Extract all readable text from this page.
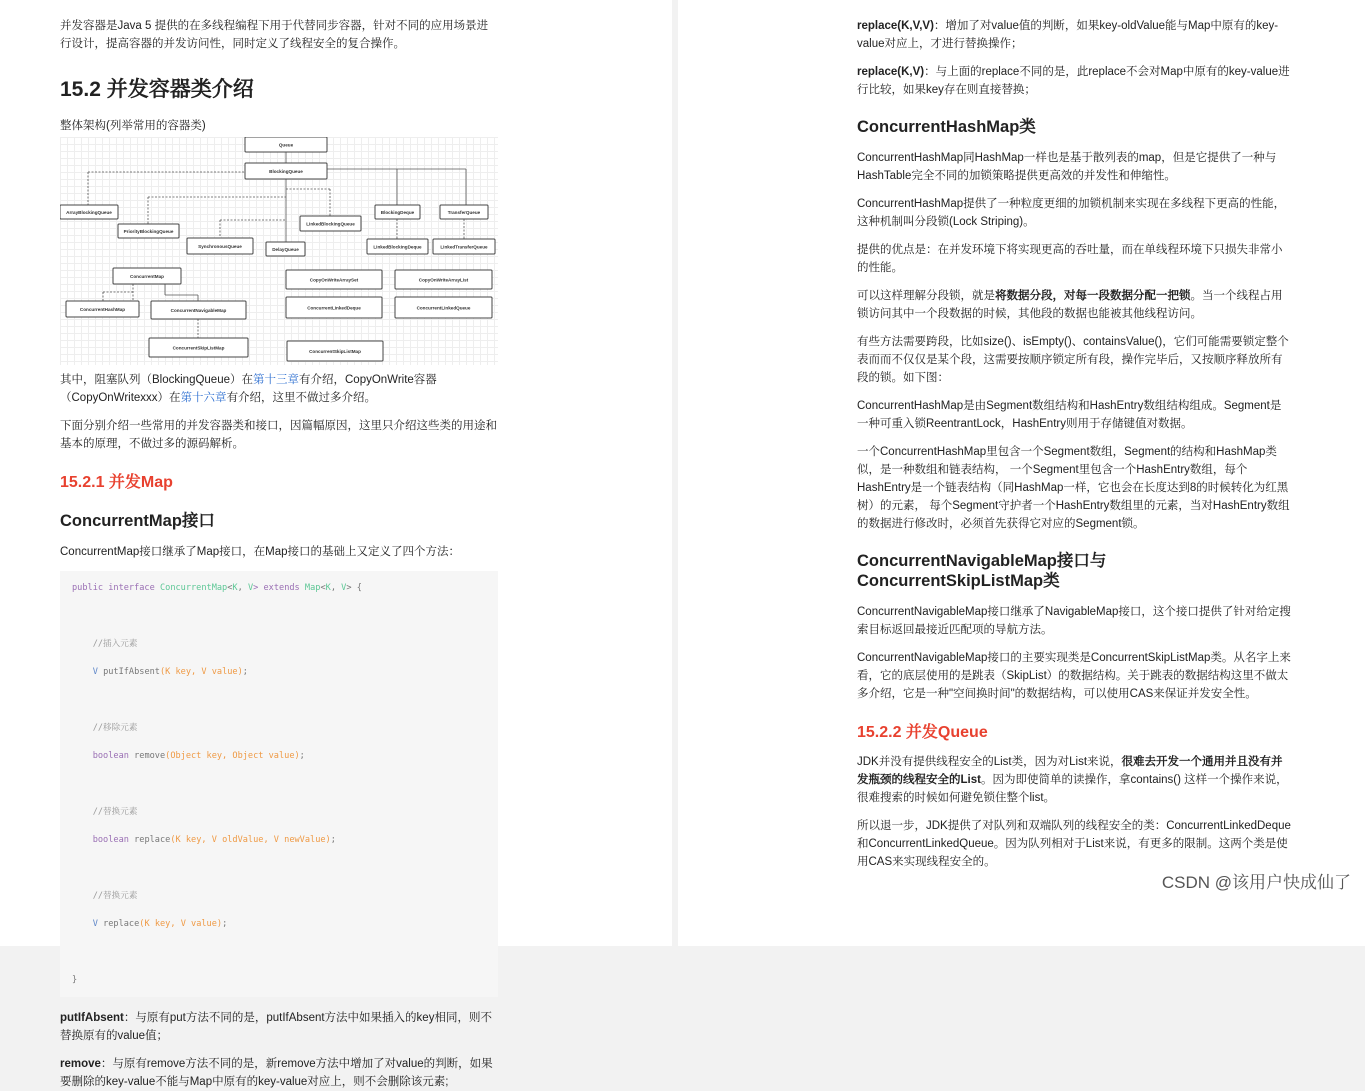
并发容器是Java 5 提供的在多线程编程下用于代替同步容器，针对不同的应用场景进行设计，提高容器的并发访问性，同时定义了线程安全的复合操作。
15.2 并发容器类介绍
整体架构(列举常用的容器类)
Queue
BlockingQueue
ArrayBlockingQueue
PriorityBlockingQueue
SynchronousQueue
DelayQueue
LinkedBlockingQueue
BlockingDeque	TransferQueue
LinkedBlockingDeque	LinkedTransferQueue
ConcurrentMap
ConcurrentHashMap	ConcurrentNavigableMap
ConcurrentSkipListMap
CopyOnWriteArraySet	CopyOnWriteArrayList
ConcurrentLinkedDeque	ConcurrentLinkedQueue
ConcurrentSkipListMap
其中，阻塞队列（BlockingQueue）在第十三章有介绍，CopyOnWrite容器（CopyOnWritexxx）在第十六章有介绍，这里不做过多介绍。
下面分别介绍一些常用的并发容器类和接口，因篇幅原因，这里只介绍这些类的用途和基本的原理，不做过多的源码解析。
15.2.1 并发Map
ConcurrentMap接口
ConcurrentMap接口继承了Map接口，在Map接口的基础上又定义了四个方法：
public interface ConcurrentMap<K, V> extends Map<K, V> {

//插入元素

V putIfAbsent(K key, V value);

//移除元素

boolean remove(Object key, Object value);

//替换元素

boolean replace(K key, V oldValue, V newValue);

//替换元素

V replace(K key, V value);

}
putIfAbsent：与原有put方法不同的是，putIfAbsent方法中如果插入的key相同，则不替换原有的value值；
remove：与原有remove方法不同的是，新remove方法中增加了对value的判断，如果要删除的key-value不能与Map中原有的key-value对应上，则不会删除该元素;
replace(K,V,V)：增加了对value值的判断，如果key-oldValue能与Map中原有的key-value对应上，才进行替换操作；
replace(K,V)：与上面的replace不同的是，此replace不会对Map中原有的key-value进行比较，如果key存在则直接替换；
ConcurrentHashMap类
ConcurrentHashMap同HashMap一样也是基于散列表的map，但是它提供了一种与HashTable完全不同的加锁策略提供更高效的并发性和伸缩性。
ConcurrentHashMap提供了一种粒度更细的加锁机制来实现在多线程下更高的性能，这种机制叫分段锁(Lock Striping)。
提供的优点是：在并发环境下将实现更高的吞吐量，而在单线程环境下只损失非常小的性能。
可以这样理解分段锁，就是将数据分段，对每一段数据分配一把锁。当一个线程占用锁访问其中一个段数据的时候，其他段的数据也能被其他线程访问。
有些方法需要跨段，比如size()、isEmpty()、containsValue()，它们可能需要锁定整个表而而不仅仅是某个段，这需要按顺序锁定所有段，操作完毕后，又按顺序释放所有段的锁。如下图：
ConcurrentHashMap是由Segment数组结构和HashEntry数组结构组成。Segment是一种可重入锁ReentrantLock，HashEntry则用于存储键值对数据。
一个ConcurrentHashMap里包含一个Segment数组，Segment的结构和HashMap类似，是一种数组和链表结构， 一个Segment里包含一个HashEntry数组，每个HashEntry是一个链表结构（同HashMap一样，它也会在长度达到8的时候转化为红黑树）的元素， 每个Segment守护者一个HashEntry数组里的元素，当对HashEntry数组的数据进行修改时，必须首先获得它对应的Segment锁。
ConcurrentNavigableMap接口与
ConcurrentSkipListMap类
ConcurrentNavigableMap接口继承了NavigableMap接口，这个接口提供了针对给定搜索目标返回最接近匹配项的导航方法。
ConcurrentNavigableMap接口的主要实现类是ConcurrentSkipListMap类。从名字上来看，它的底层使用的是跳表（SkipList）的数据结构。关于跳表的数据结构这里不做太多介绍，它是一种"空间换时间"的数据结构，可以使用CAS来保证并发安全性。
15.2.2 并发Queue
JDK并没有提供线程安全的List类，因为对List来说，很难去开发一个通用并且没有并发瓶颈的线程安全的List。因为即使简单的读操作，拿contains() 这样一个操作来说，很难搜索的时候如何避免锁住整个list。
所以退一步，JDK提供了对队列和双端队列的线程安全的类：ConcurrentLinkedDeque和ConcurrentLinkedQueue。因为队列相对于List来说，有更多的限制。这两个类是使用CAS来实现线程安全的。
CSDN @该用户快成仙了
